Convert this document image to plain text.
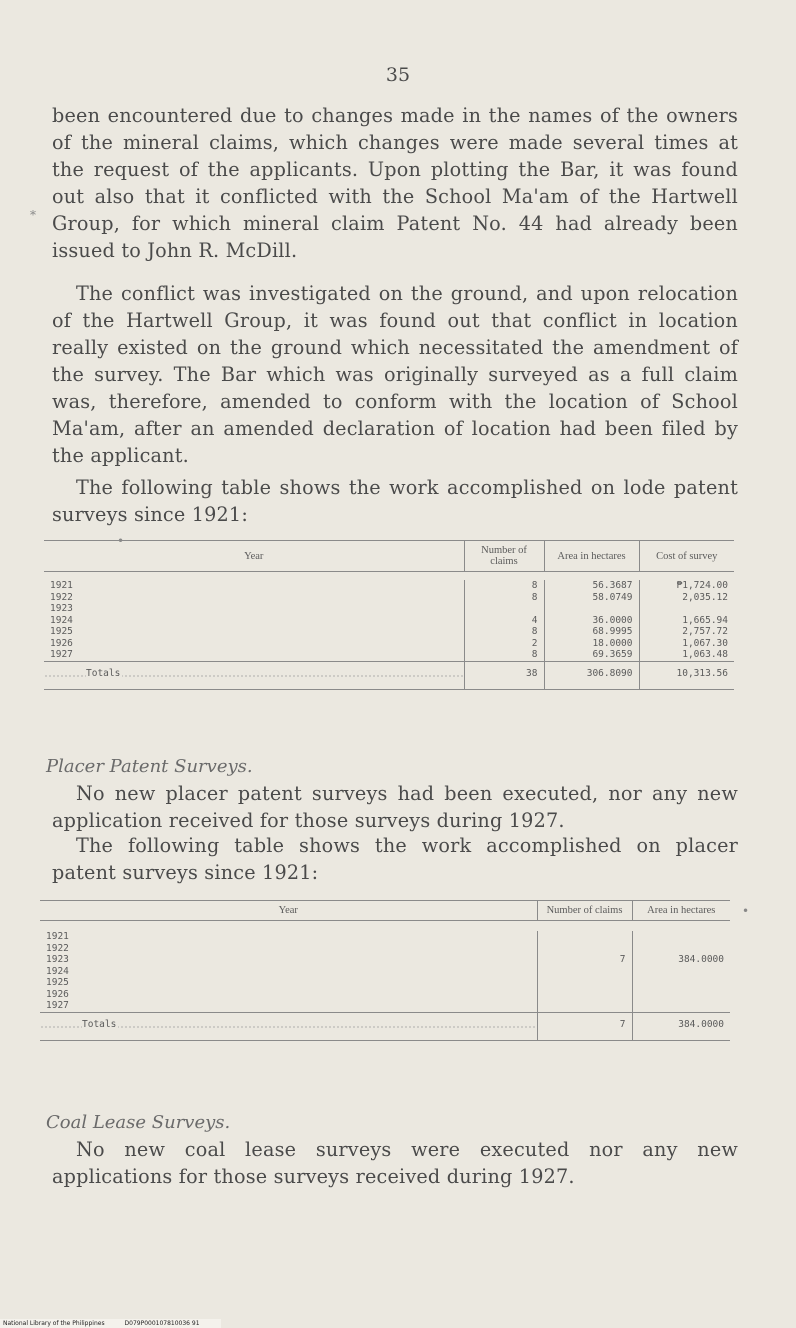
35
*
•
•

been encountered due to changes made in the names of the owners of the mineral claims, which changes were made several times at the request of the applicants. Upon plotting the Bar, it was found out also that it conflicted with the School Ma'am of the Hartwell Group, for which mineral claim Patent No. 44 had already been issued to John R. McDill.

The conflict was investigated on the ground, and upon relocation of the Hartwell Group, it was found out that conflict in location really existed on the ground which necessitated the amendment of the survey. The Bar which was originally surveyed as a full claim was, therefore, amended to conform with the location of School Ma'am, after an amended declaration of location had been filed by the applicant.

The following table shows the work accomplished on lode patent surveys since 1921:

Year	Number of claims	Area in hectares	Cost of survey

1921	8	56.3687	₱1,724.00
1922	8	58.0749	2,035.12
1923			
1924	4	36.0000	1,665.94
1925	8	68.9995	2,757.72
1926	2	18.0000	1,067.30
1927	8	69.3659	1,063.48
Totals	38	306.8090	10,313.56
Placer Patent Surveys.

No new placer patent surveys had been executed, nor any new application received for those surveys during 1927.

The following table shows the work accomplished on placer patent surveys since 1921:

Year	Number of claims	Area in hectares

1921		
1922		
1923	7	384.0000
1924		
1925		
1926		
1927		
Totals	7	384.0000
Coal Lease Surveys.

No new coal lease surveys were executed nor any new applications for those surveys received during 1927.

National Library of the Philippines	D079P000107810036 91
